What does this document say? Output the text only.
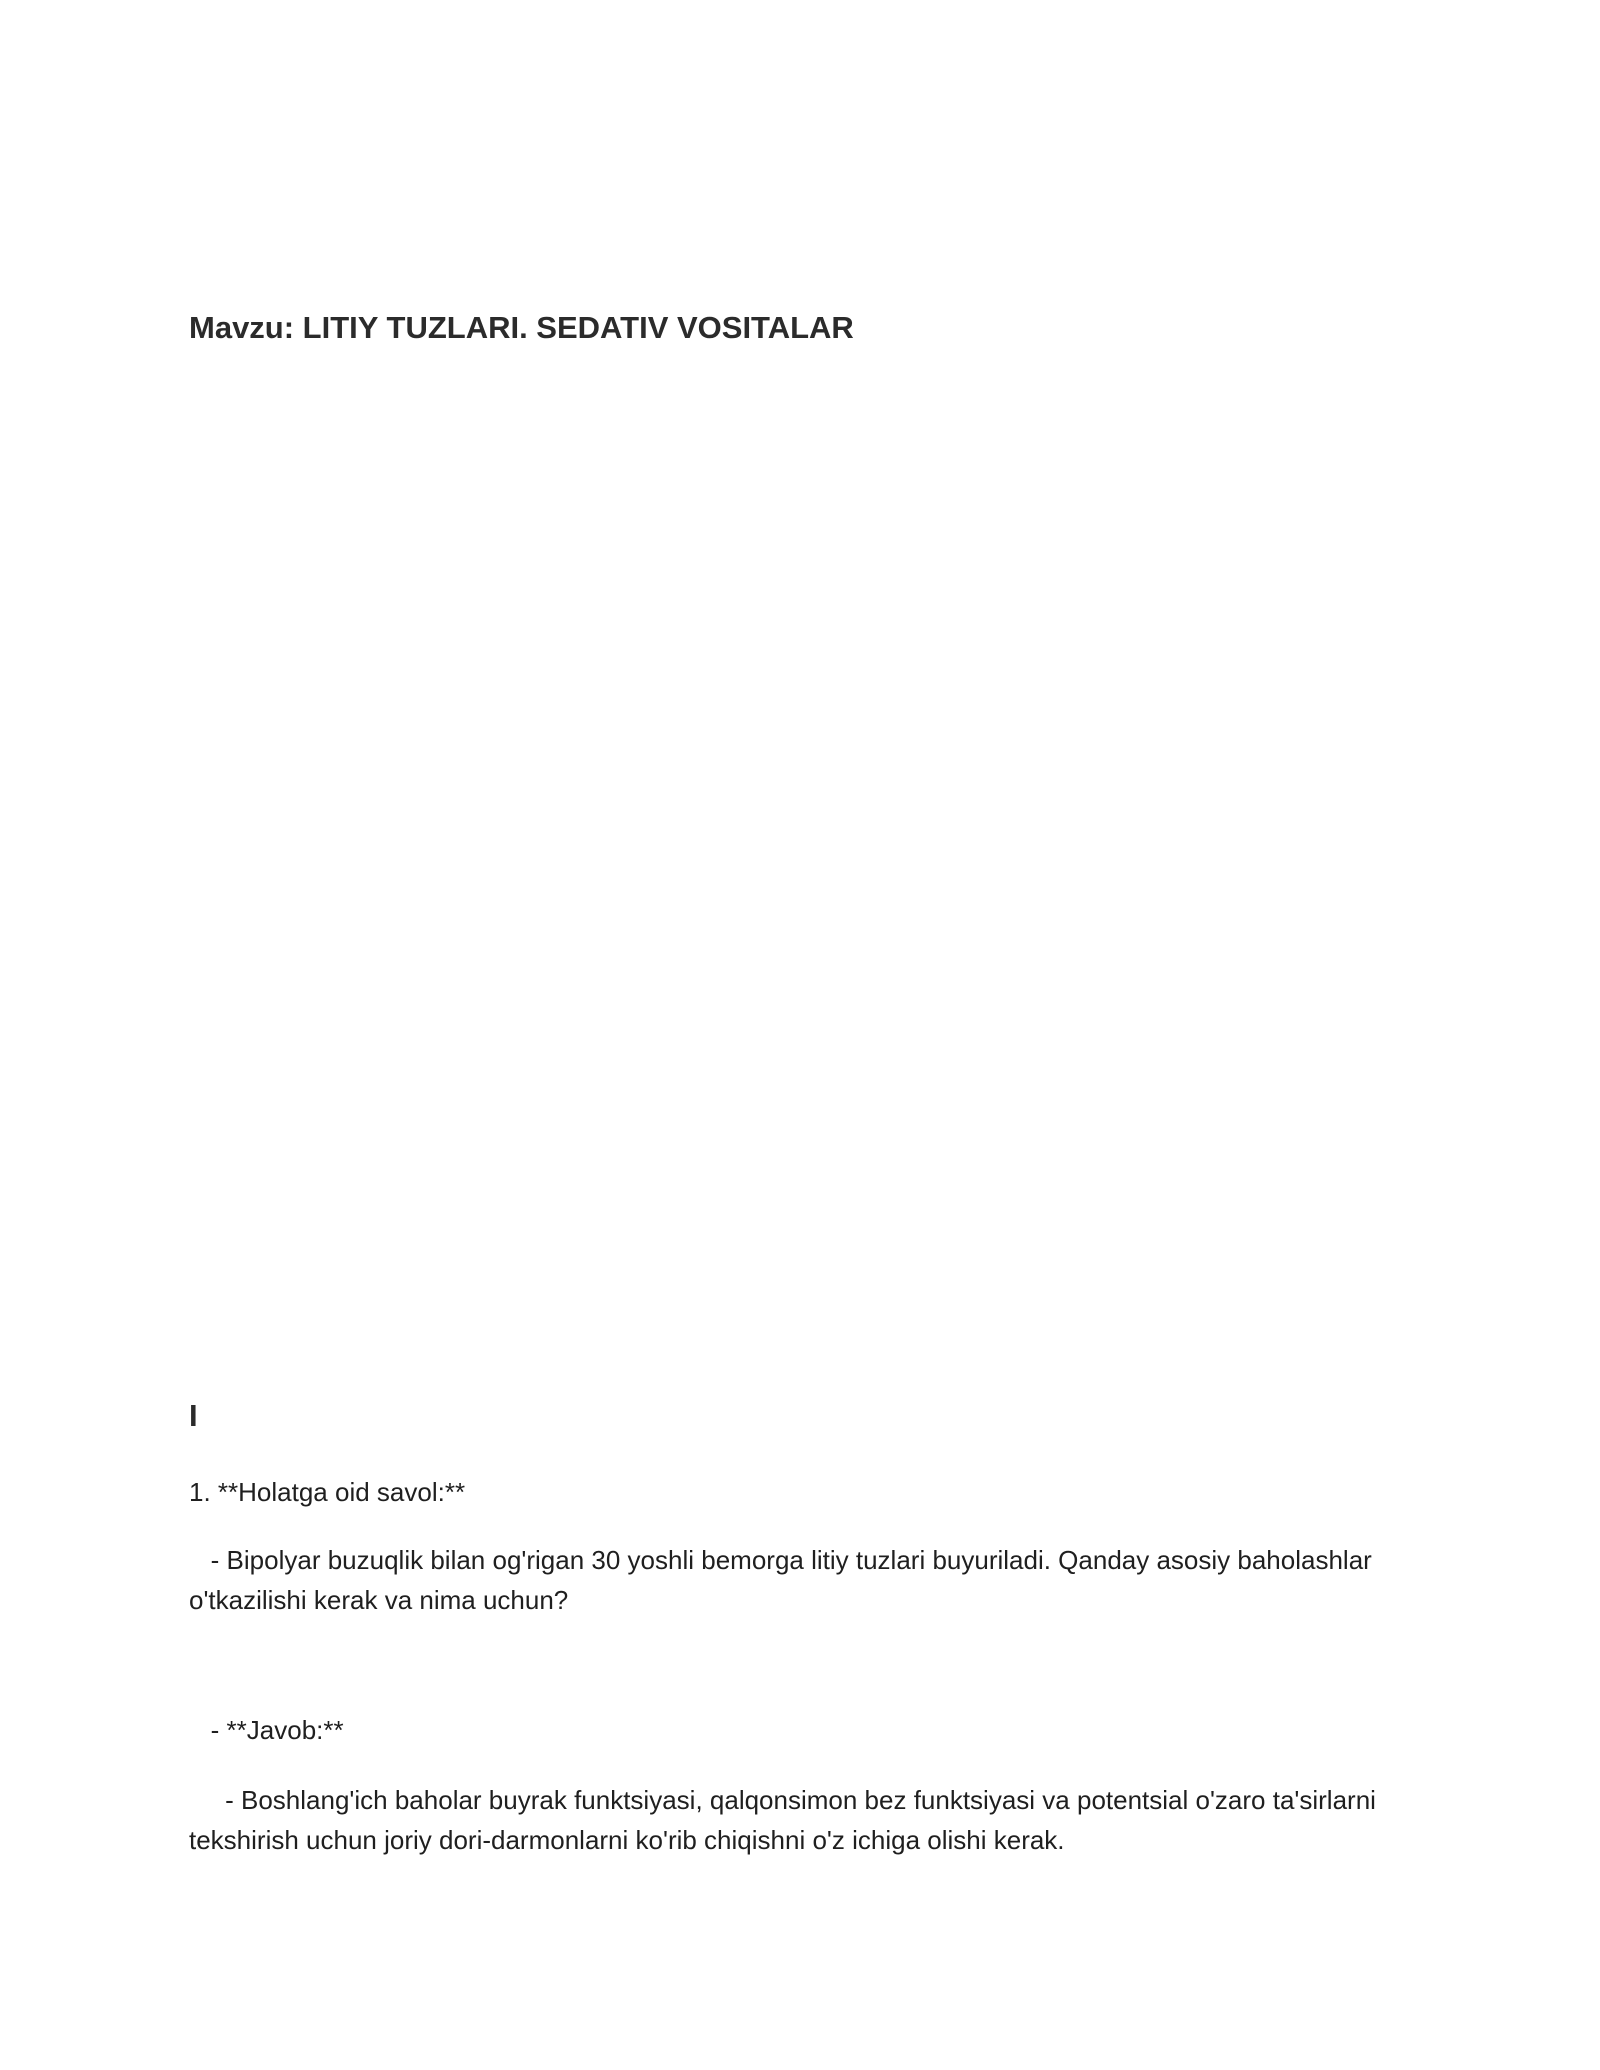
Mavzu: LITIY TUZLARI. SEDATIV VOSITALAR
I
1. **Holatga oid savol:**
- Bipolyar buzuqlik bilan og'rigan 30 yoshli bemorga litiy tuzlari buyuriladi. Qanday asosiy baholashlar o'tkazilishi kerak va nima uchun?
- **Javob:**
- Boshlang'ich baholar buyrak funktsiyasi, qalqonsimon bez funktsiyasi va potentsial o'zaro ta'sirlarni tekshirish uchun joriy dori-darmonlarni ko'rib chiqishni o'z ichiga olishi kerak.
